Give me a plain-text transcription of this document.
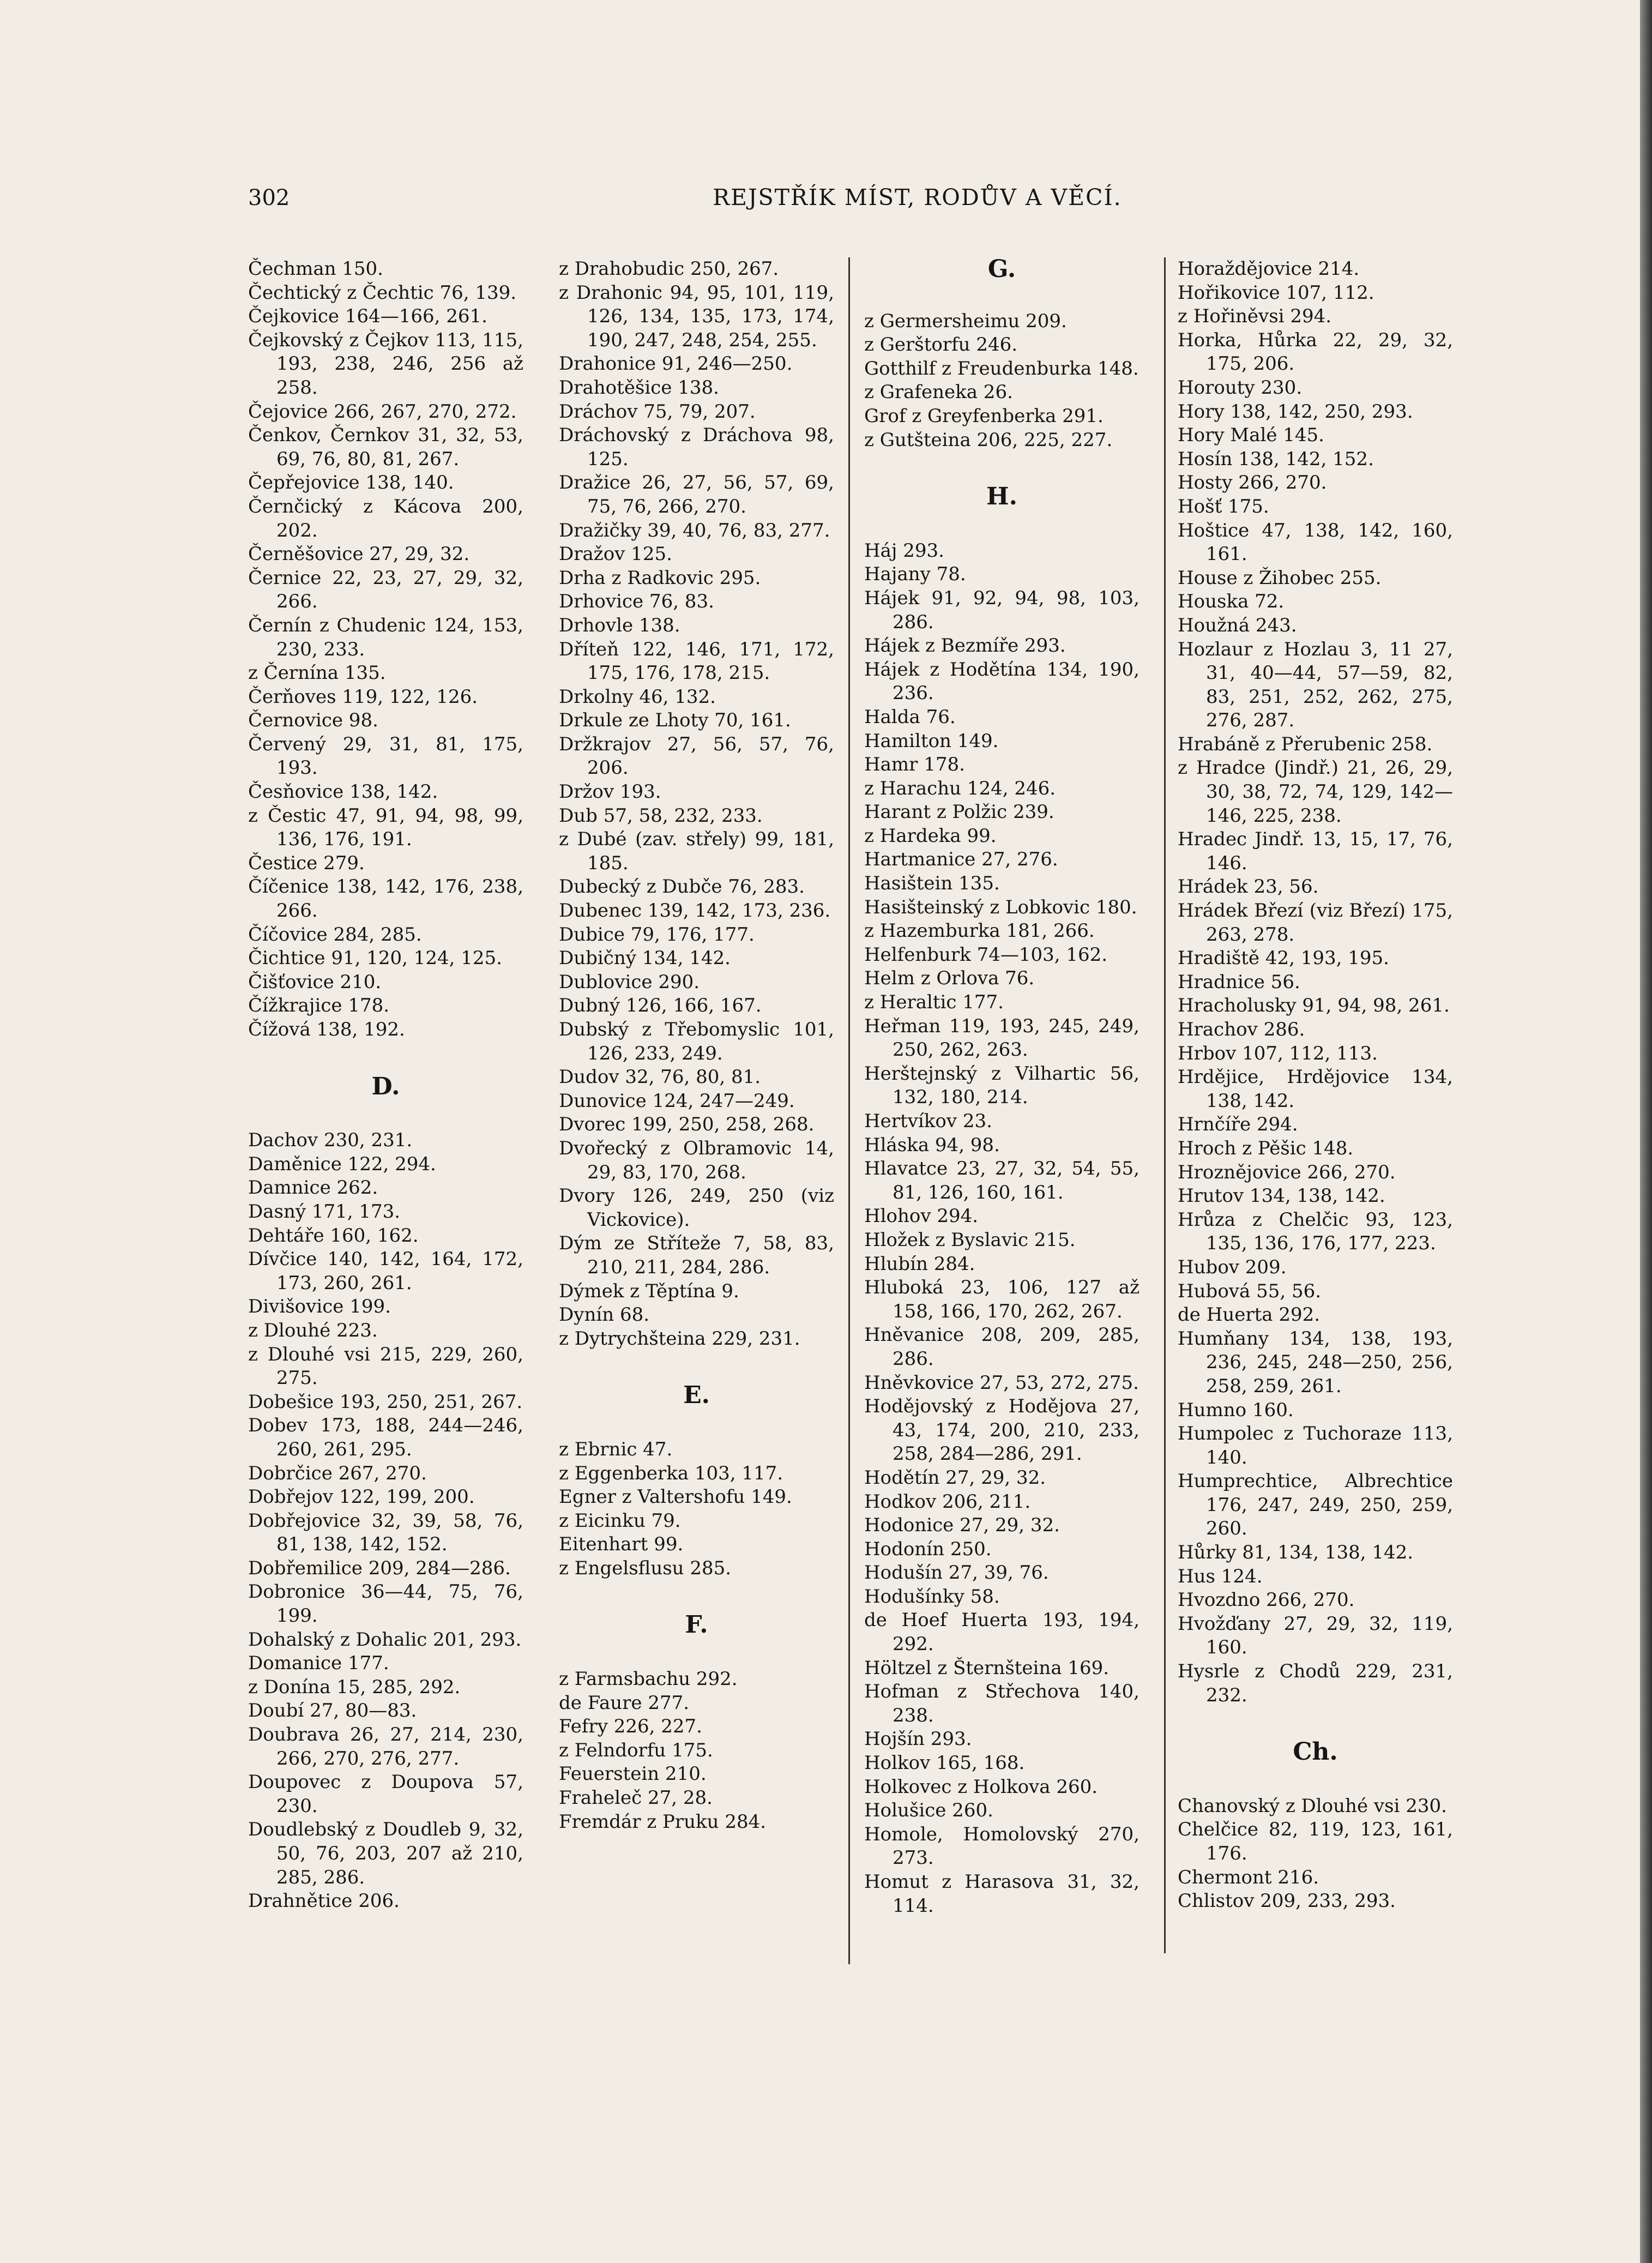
302	REJSTŘÍK MÍST, RODŮV A VĚCÍ.
Čechman 150.
Čechtický z Čechtic 76, 139.
Čejkovice 164—166, 261.
Čejkovský z Čejkov 113, 115, 193, 238, 246, 256 až 258.
Čejovice 266, 267, 270, 272.
Čenkov, Černkov 31, 32, 53, 69, 76, 80, 81, 267.
Čepřejovice 138, 140.
Černčický z Kácova 200, 202.
Černěšovice 27, 29, 32.
Černice 22, 23, 27, 29, 32, 266.
Černín z Chudenic 124, 153, 230, 233.
z Černína 135.
Čerňoves 119, 122, 126.
Černovice 98.
Červený 29, 31, 81, 175, 193.
Česňovice 138, 142.
z Čestic 47, 91, 94, 98, 99, 136, 176, 191.
Čestice 279.
Číčenice 138, 142, 176, 238, 266.
Číčovice 284, 285.
Čichtice 91, 120, 124, 125.
Čišťovice 210.
Čížkrajice 178.
Čížová 138, 192.
D.
Dachov 230, 231.
Daměnice 122, 294.
Damnice 262.
Dasný 171, 173.
Dehtáře 160, 162.
Dívčice 140, 142, 164, 172, 173, 260, 261.
Divišovice 199.
z Dlouhé 223.
z Dlouhé vsi 215, 229, 260, 275.
Dobešice 193, 250, 251, 267.
Dobev 173, 188, 244—246, 260, 261, 295.
Dobrčice 267, 270.
Dobřejov 122, 199, 200.
Dobřejovice 32, 39, 58, 76, 81, 138, 142, 152.
Dobřemilice 209, 284—286.
Dobronice 36—44, 75, 76, 199.
Dohalský z Dohalic 201, 293.
Domanice 177.
z Donína 15, 285, 292.
Doubí 27, 80—83.
Doubrava 26, 27, 214, 230, 266, 270, 276, 277.
Doupovec z Doupova 57, 230.
Doudlebský z Doudleb 9, 32, 50, 76, 203, 207 až 210, 285, 286.
Drahnětice 206.
z Drahobudic 250, 267.
z Drahonic 94, 95, 101, 119, 126, 134, 135, 173, 174, 190, 247, 248, 254, 255.
Drahonice 91, 246—250.
Drahotěšice 138.
Dráchov 75, 79, 207.
Dráchovský z Dráchova 98, 125.
Dražice 26, 27, 56, 57, 69, 75, 76, 266, 270.
Dražičky 39, 40, 76, 83, 277.
Dražov 125.
Drha z Radkovic 295.
Drhovice 76, 83.
Drhovle 138.
Dříteň 122, 146, 171, 172, 175, 176, 178, 215.
Drkolny 46, 132.
Drkule ze Lhoty 70, 161.
Držkrajov 27, 56, 57, 76, 206.
Držov 193.
Dub 57, 58, 232, 233.
z Dubé (zav. střely) 99, 181, 185.
Dubecký z Dubče 76, 283.
Dubenec 139, 142, 173, 236.
Dubice 79, 176, 177.
Dubičný 134, 142.
Dublovice 290.
Dubný 126, 166, 167.
Dubský z Třebomyslic 101, 126, 233, 249.
Dudov 32, 76, 80, 81.
Dunovice 124, 247—249.
Dvorec 199, 250, 258, 268.
Dvořecký z Olbramovic 14, 29, 83, 170, 268.
Dvory 126, 249, 250 (viz Vickovice).
Dým ze Stříteže 7, 58, 83, 210, 211, 284, 286.
Dýmek z Těptína 9.
Dynín 68.
z Dytrychšteina 229, 231.
E.
z Ebrnic 47.
z Eggenberka 103, 117.
Egner z Valtershofu 149.
z Eicinku 79.
Eitenhart 99.
z Engelsflusu 285.
F.
z Farmsbachu 292.
de Faure 277.
Fefry 226, 227.
z Felndorfu 175.
Feuerstein 210.
Fraheleč 27, 28.
Fremdár z Pruku 284.
G.
z Germersheimu 209.
z Gerštorfu 246.
Gotthilf z Freudenburka 148.
z Grafeneka 26.
Grof z Greyfenberka 291.
z Gutšteina 206, 225, 227.
H.
Háj 293.
Hajany 78.
Hájek 91, 92, 94, 98, 103, 286.
Hájek z Bezmíře 293.
Hájek z Hodětína 134, 190, 236.
Halda 76.
Hamilton 149.
Hamr 178.
z Harachu 124, 246.
Harant z Polžic 239.
z Hardeka 99.
Hartmanice 27, 276.
Hasištein 135.
Hasišteinský z Lobkovic 180.
z Hazemburka 181, 266.
Helfenburk 74—103, 162.
Helm z Orlova 76.
z Heraltic 177.
Heřman 119, 193, 245, 249, 250, 262, 263.
Herštejnský z Vilhartic 56, 132, 180, 214.
Hertvíkov 23.
Hláska 94, 98.
Hlavatce 23, 27, 32, 54, 55, 81, 126, 160, 161.
Hlohov 294.
Hložek z Byslavic 215.
Hlubín 284.
Hluboká 23, 106, 127 až 158, 166, 170, 262, 267.
Hněvanice 208, 209, 285, 286.
Hněvkovice 27, 53, 272, 275.
Hodějovský z Hodějova 27, 43, 174, 200, 210, 233, 258, 284—286, 291.
Hodětín 27, 29, 32.
Hodkov 206, 211.
Hodonice 27, 29, 32.
Hodonín 250.
Hodušín 27, 39, 76.
Hodušínky 58.
de Hoef Huerta 193, 194, 292.
Höltzel z Šternšteina 169.
Hofman z Střechova 140, 238.
Hojšín 293.
Holkov 165, 168.
Holkovec z Holkova 260.
Holušice 260.
Homole, Homolovský 270, 273.
Homut z Harasova 31, 32, 114.
Horaždějovice 214.
Hořikovice 107, 112.
z Hořiněvsi 294.
Horka, Hůrka 22, 29, 32, 175, 206.
Horouty 230.
Hory 138, 142, 250, 293.
Hory Malé 145.
Hosín 138, 142, 152.
Hosty 266, 270.
Hošť 175.
Hoštice 47, 138, 142, 160, 161.
House z Žihobec 255.
Houska 72.
Houžná 243.
Hozlaur z Hozlau 3, 11 27, 31, 40—44, 57—59, 82, 83, 251, 252, 262, 275, 276, 287.
Hrabáně z Přerubenic 258.
z Hradce (Jindř.) 21, 26, 29, 30, 38, 72, 74, 129, 142—146, 225, 238.
Hradec Jindř. 13, 15, 17, 76, 146.
Hrádek 23, 56.
Hrádek Březí (viz Březí) 175, 263, 278.
Hradiště 42, 193, 195.
Hradnice 56.
Hracholusky 91, 94, 98, 261.
Hrachov 286.
Hrbov 107, 112, 113.
Hrdějice, Hrdějovice 134, 138, 142.
Hrnčíře 294.
Hroch z Pěšic 148.
Hroznějovice 266, 270.
Hrutov 134, 138, 142.
Hrůza z Chelčic 93, 123, 135, 136, 176, 177, 223.
Hubov 209.
Hubová 55, 56.
de Huerta 292.
Humňany 134, 138, 193, 236, 245, 248—250, 256, 258, 259, 261.
Humno 160.
Humpolec z Tuchoraze 113, 140.
Humprechtice, Albrechtice 176, 247, 249, 250, 259, 260.
Hůrky 81, 134, 138, 142.
Hus 124.
Hvozdno 266, 270.
Hvožďany 27, 29, 32, 119, 160.
Hysrle z Chodů 229, 231, 232.
Ch.
Chanovský z Dlouhé vsi 230.
Chelčice 82, 119, 123, 161, 176.
Chermont 216.
Chlistov 209, 233, 293.
